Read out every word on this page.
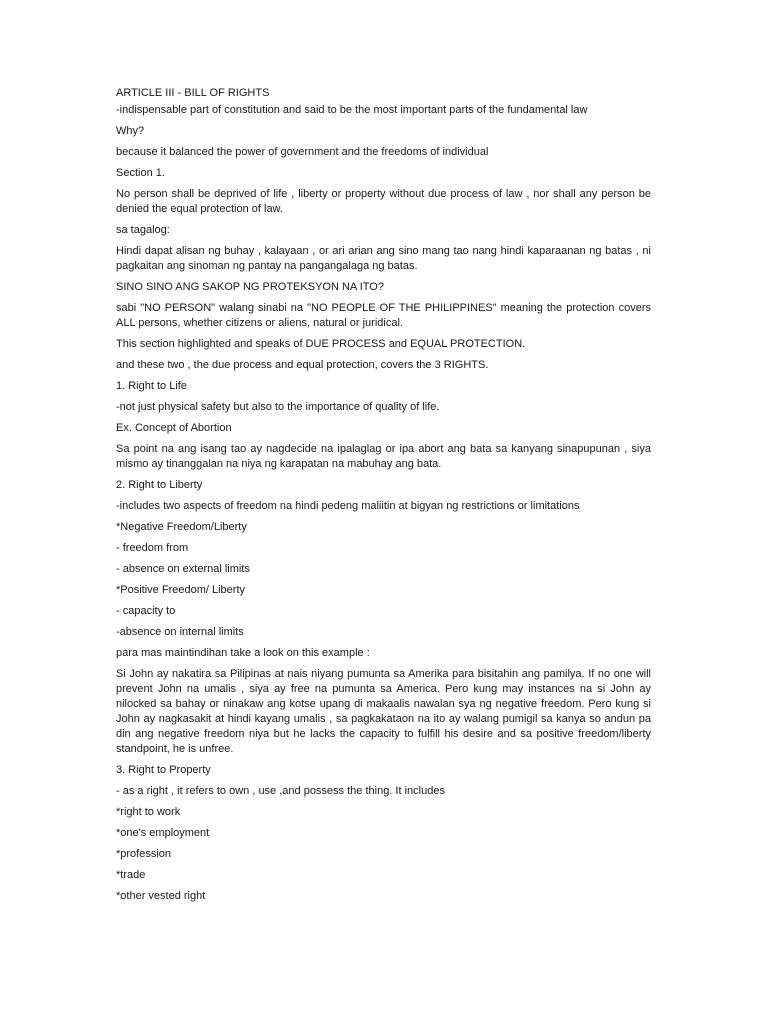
ARTICLE III - BILL OF RIGHTS
-indispensable part of constitution and said to be the most important parts of the fundamental law
Why?
because it balanced the power of government and the freedoms of individual
Section 1.
No person shall be deprived of life , liberty or property without due process of law , nor shall any person be denied the equal protection of law.
sa tagalog:
Hindi dapat alisan ng buhay , kalayaan , or ari arian ang sino mang tao nang hindi kaparaanan ng batas , ni pagkaitan ang sinoman ng pantay na pangangalaga ng batas.
SINO SINO ANG SAKOP NG PROTEKSYON NA ITO?
sabi "NO PERSON" walang sinabi na "NO PEOPLE OF THE PHILIPPINES" meaning the protection covers ALL persons, whether citizens or aliens, natural or juridical.
This section highlighted and speaks of DUE PROCESS and EQUAL PROTECTION.
and these two , the due process and equal protection, covers the 3 RIGHTS.
1. Right to Life
-not just physical safety but also to the importance of quality of life.
Ex. Concept of Abortion
Sa point na ang isang tao ay nagdecide na ipalaglag or ipa abort ang bata sa kanyang sinapupunan , siya mismo ay tinanggalan na niya ng karapatan na mabuhay ang bata.
2. Right to Liberty
-includes two aspects of freedom na hindi pedeng maliitin at bigyan ng restrictions or limitations
*Negative Freedom/Liberty
- freedom from
- absence on external limits
*Positive Freedom/ Liberty
- capacity to
-absence on internal limits
para mas maintindihan take a look on this example :
Si John ay nakatira sa Pilipinas at nais niyang pumunta sa Amerika para bisitahin ang pamilya. If no one will prevent John na umalis , siya ay free na pumunta sa America. Pero kung may instances na si John ay nilocked sa bahay or ninakaw ang kotse upang di makaalis nawalan sya ng negative freedom. Pero kung si John ay nagkasakit at hindi kayang umalis , sa pagkakataon na ito ay walang pumigil sa kanya so andun pa din ang negative freedom niya but he lacks the capacity to fulfill his desire and sa positive freedom/liberty standpoint, he is unfree.
3. Right to Property
- as a right , it refers to own , use ,and possess the thing. It includes
*right to work
*one's employment
*profession
*trade
*other vested right
